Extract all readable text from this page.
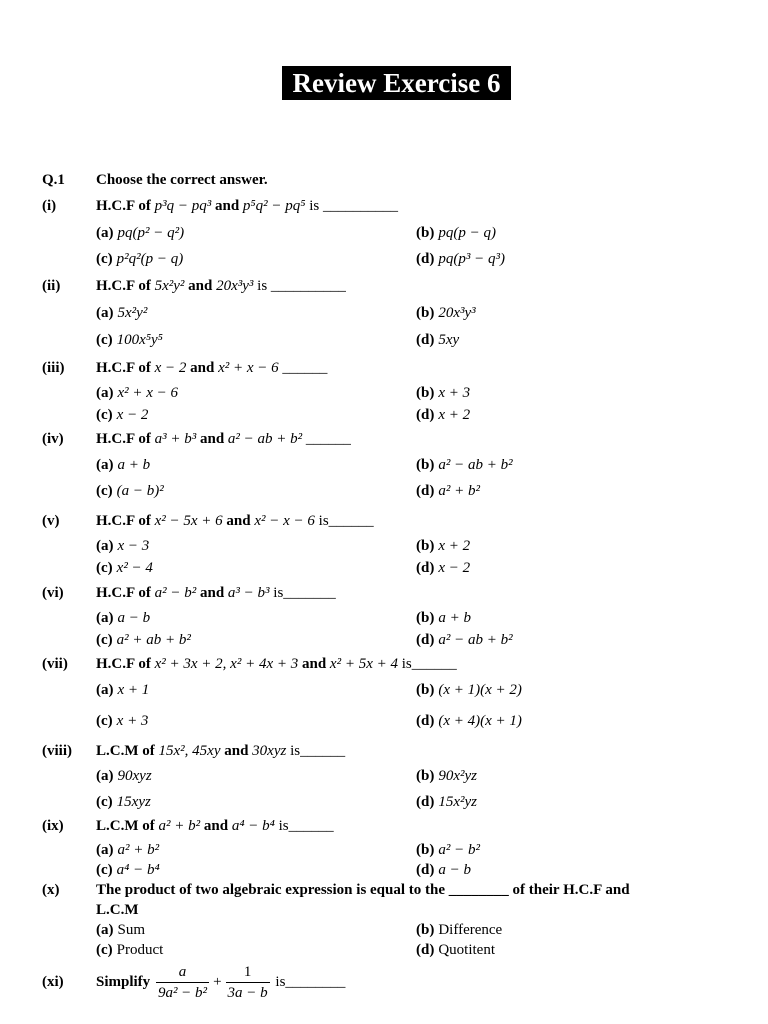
Review Exercise 6
Q.1 Choose the correct answer.
(i)	H.C.F of p³q − pq³ and p⁵q² − pq⁵ is __________
(a) pq(p² − q²)	(b) pq(p − q)
(c) p²q²(p − q)	(d) pq(p³ − q³)
(ii) H.C.F of 5x²y² and 20x³y³ is __________
(a) 5x²y²	(b) 20x³y³
(c) 100x⁵y⁵	(d) 5xy
(iii) H.C.F of x − 2 and x² + x − 6 ______
(a) x² + x − 6	(b) x + 3
(c) x − 2	(d) x + 2
(iv) H.C.F of a³ + b³ and a² − ab + b² ______
(a) a + b	(b) a² − ab + b²
(c) (a − b)²	(d) a² + b²
(v) H.C.F of x² − 5x + 6 and x² − x − 6 is______
(a) x − 3	(b) x + 2
(c) x² − 4	(d) x − 2
(vi) H.C.F of a² − b² and a³ − b³ is_______
(a) a − b	(b) a + b
(c) a² + ab + b²	(d) a² − ab + b²
(vii) H.C.F of x² + 3x + 2, x² + 4x + 3 and x² + 5x + 4 is______
(a) x + 1	(b) (x + 1)(x + 2)
(c) x + 3	(d) (x + 4)(x + 1)
(viii) L.C.M of 15x², 45xy and 30xyz is______
(a) 90xyz	(b) 90x²yz
(c) 15xyz	(d) 15x²yz
(ix) L.C.M of a² + b² and a⁴ − b⁴ is______
(a) a² + b²	(b) a² − b²
(c) a⁴ − b⁴	(d) a − b
(x) The product of two algebraic expression is equal to the ________ of their H.C.F and
L.C.M
(a) Sum	(b) Difference
(c) Product	(d) Quotitent
(xi) Simplify $\frac{a}{\text{9a² − b²}} + \frac{1}{3a - b}$ is________
